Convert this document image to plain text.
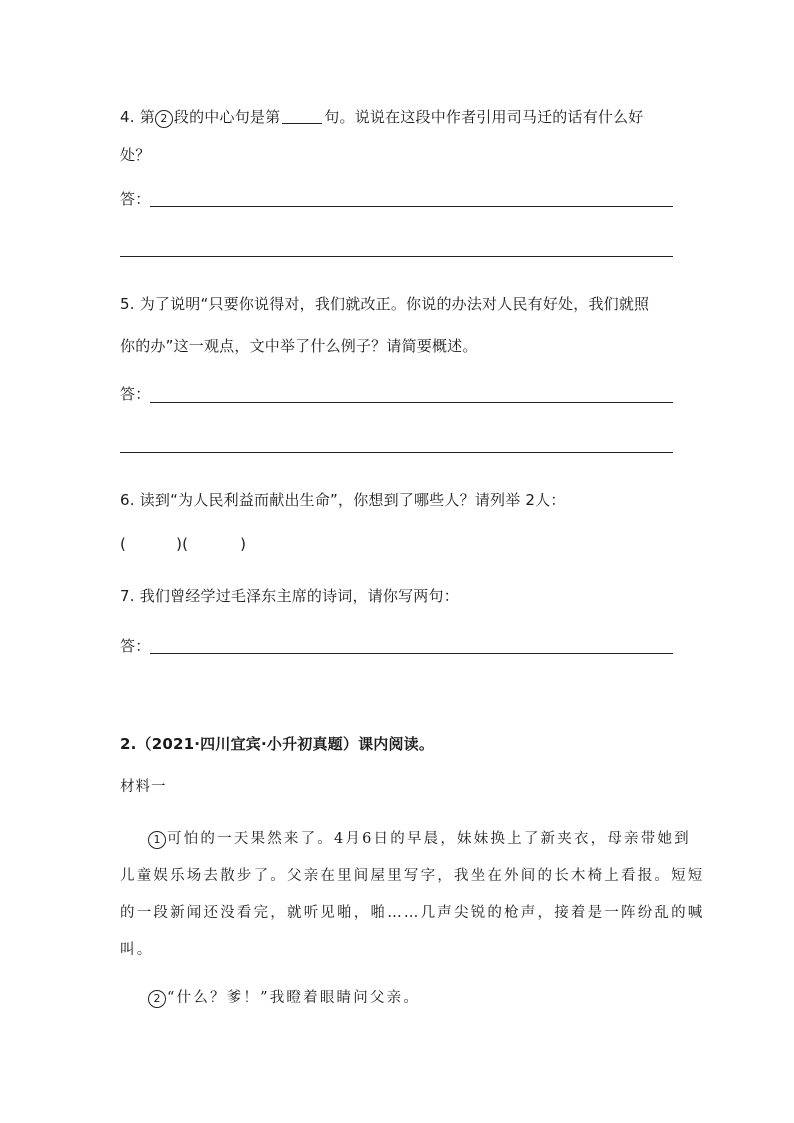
4. 第 2 段的中心句是第	句。说说在这段中作者引用司马迁的话有什么好
处？
答：
5. 为了说明“只要你说得对，我们就改正。你说的办法对人民有好处，我们就照
你的办”这一观点，文中举了什么例子？请简要概述。
答：
6. 读到“为人民利益而献出生命”，你想到了哪些人？请列举 2人：
(	)(	)
7. 我们曾经学过毛泽东主席的诗词，请你写两句：
答：
2.（2021·四川宜宾·小升初真题）课内阅读。
材料一
1 可怕的一天果然来了。4月6日的早晨，妹妹换上了新夹衣，母亲带她到
儿童娱乐场去散步了。父亲在里间屋里写字，我坐在外间的长木椅上看报。短短
的一段新闻还没看完，就听见啪，啪……几声尖锐的枪声，接着是一阵纷乱的喊
叫。
2 “什么？爹！”我瞪着眼睛问父亲。
